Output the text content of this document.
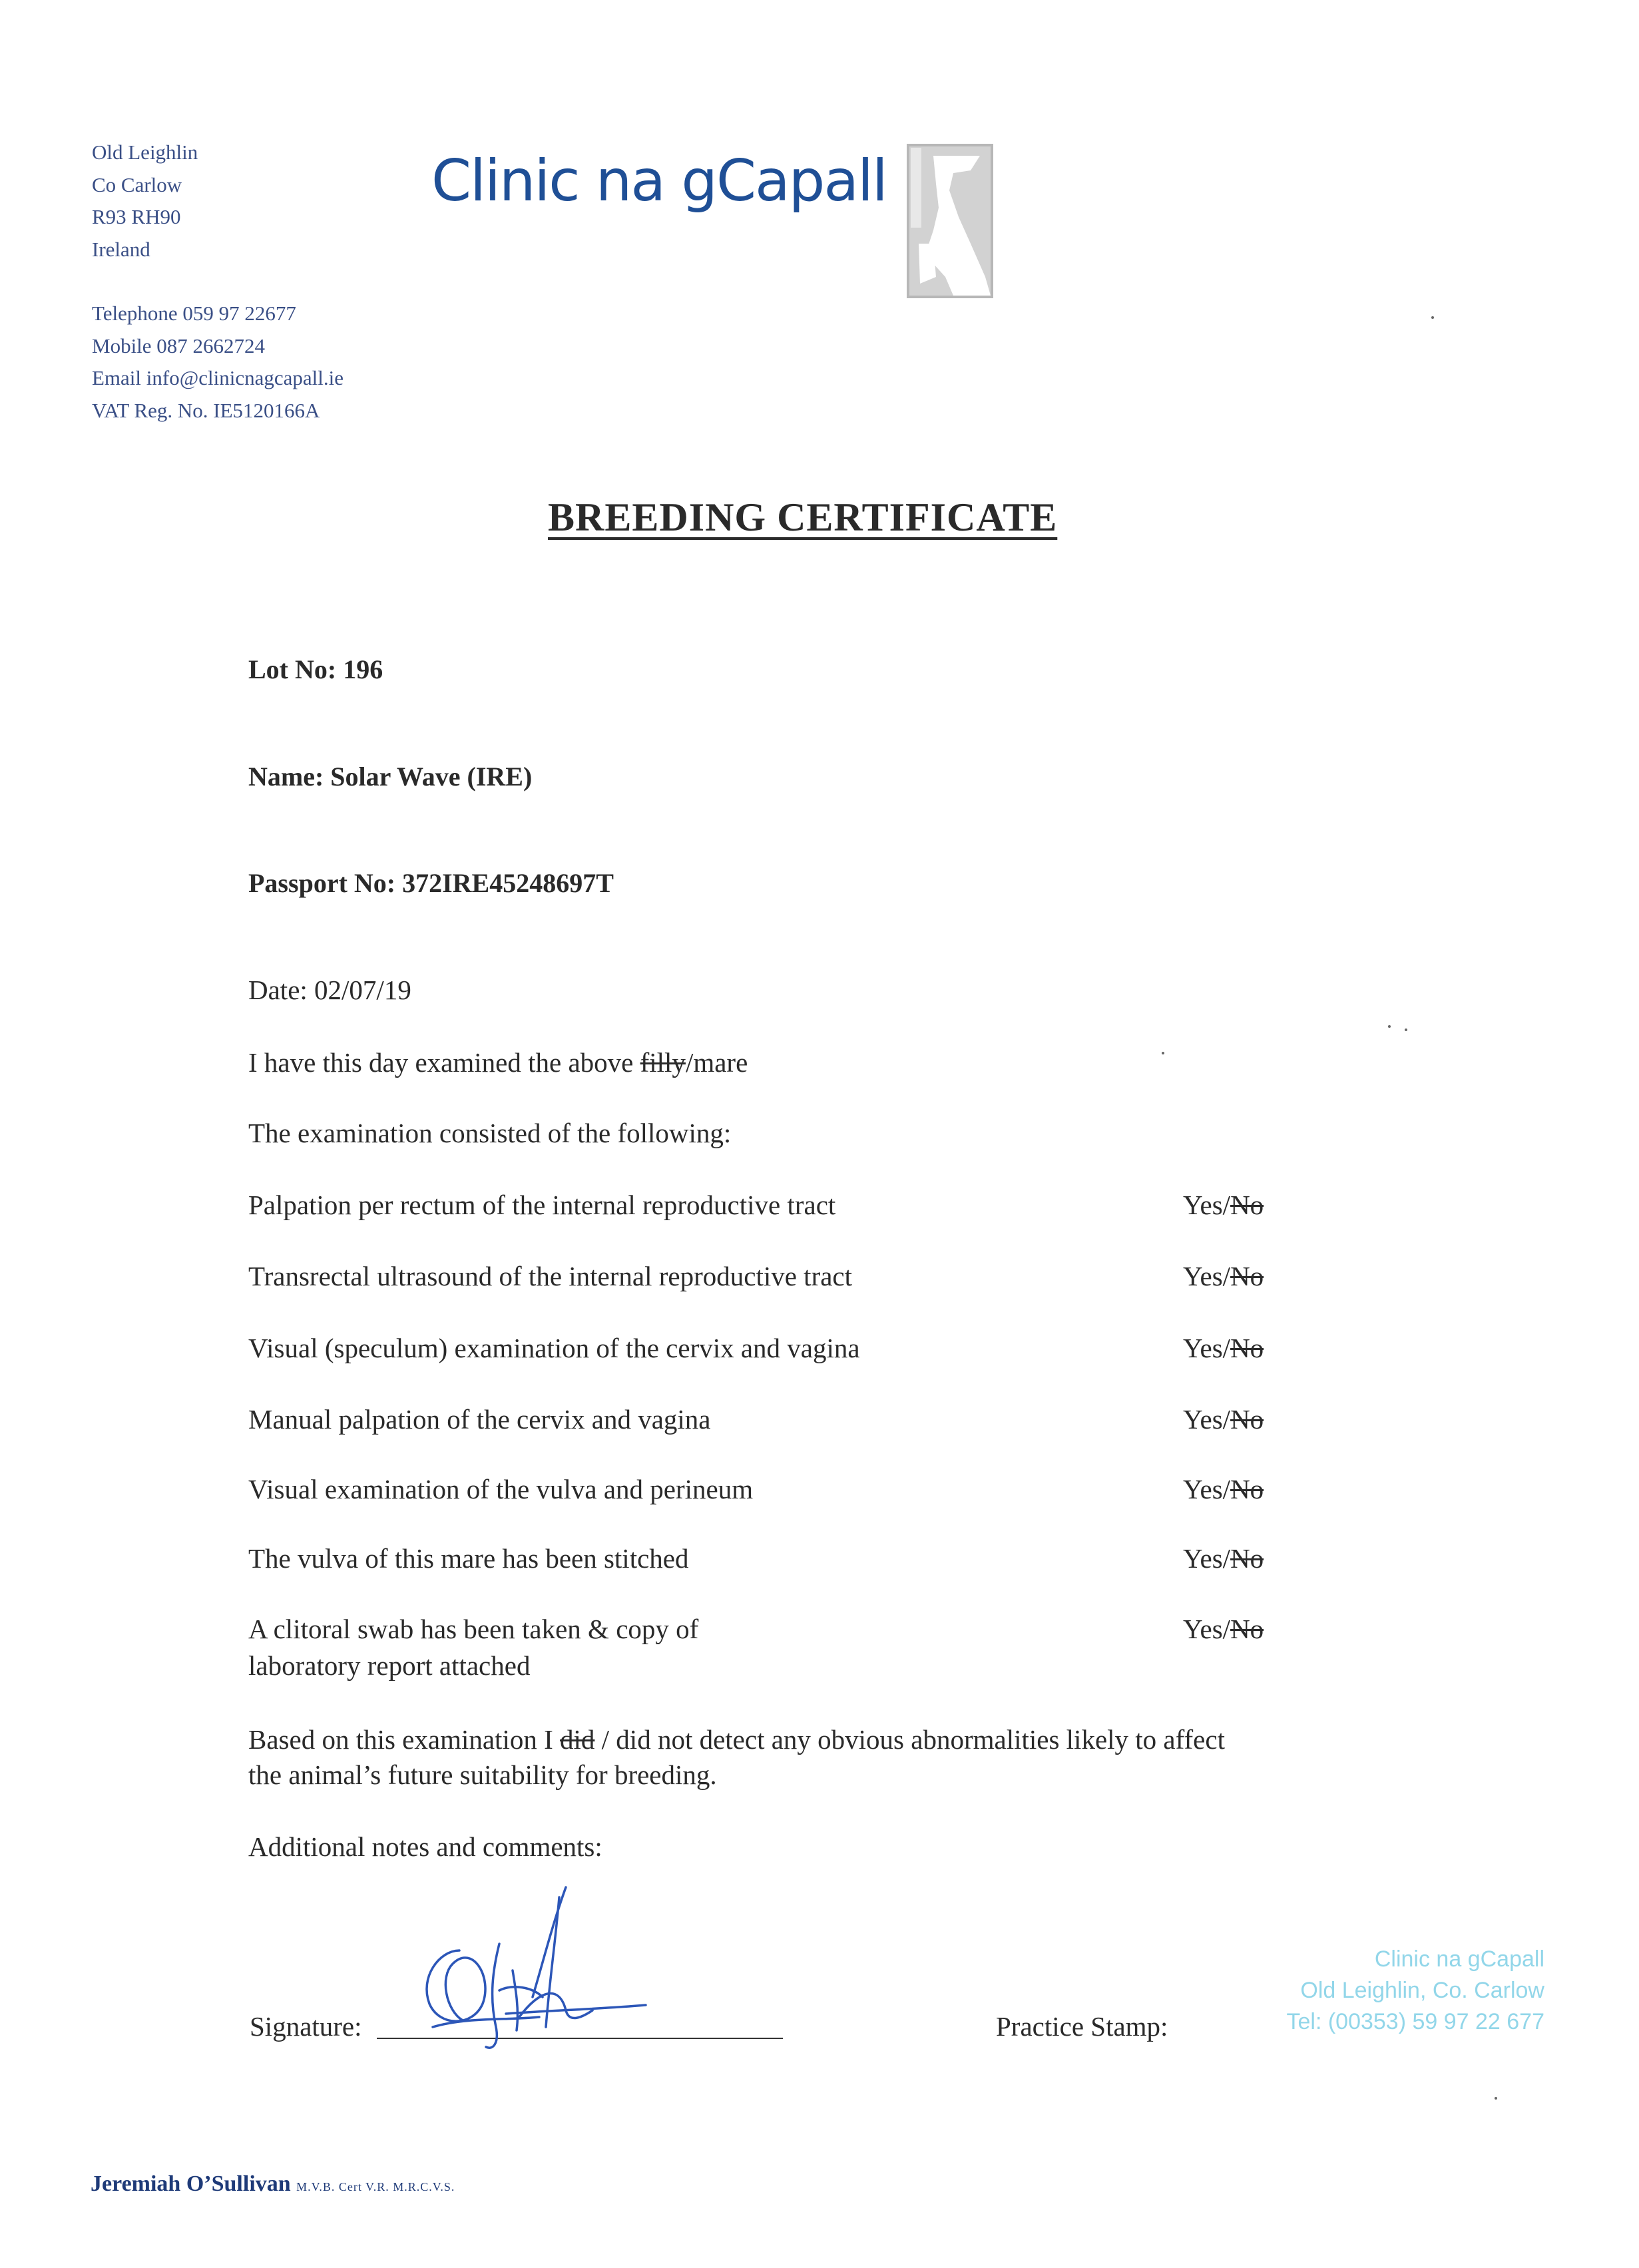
Old Leighlin
Co Carlow
R93 RH90
Ireland
Telephone 059 97 22677
Mobile 087 2662724
Email info@clinicnagcapall.ie
VAT Reg. No. IE5120166A
Clinic na gCapall
BREEDING CERTIFICATE
Lot No: 196
Name: Solar Wave (IRE)
Passport No: 372IRE45248697T
Date: 02/07/19
I have this day examined the above filly/mare
The examination consisted of the following:
Palpation per rectum of the internal reproductive tract	Yes/No
Transrectal ultrasound of the internal reproductive tract	Yes/No
Visual (speculum) examination of the cervix and vagina	Yes/No
Manual palpation of the cervix and vagina	Yes/No
Visual examination of the vulva and perineum	Yes/No
The vulva of this mare has been stitched	Yes/No
A clitoral swab has been taken & copy of
laboratory report attached
Yes/No
Based on this examination I did / did not detect any obvious abnormalities likely to affect
the animal’s future suitability for breeding.
Additional notes and comments:
Signature:	Practice Stamp:
Clinic na gCapall
Old Leighlin, Co. Carlow
Tel: (00353) 59 97 22 677
Jeremiah O’Sullivan M.V.B. Cert V.R. M.R.C.V.S.
